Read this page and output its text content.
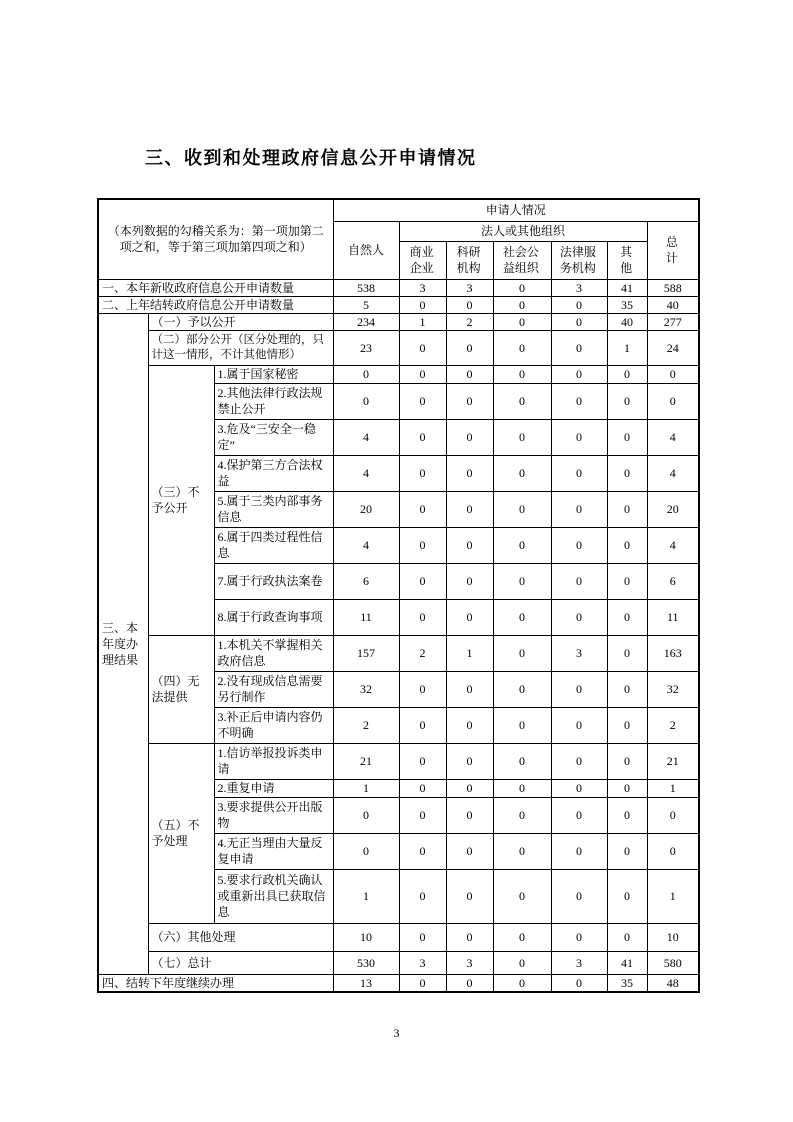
三、收到和处理政府信息公开申请情况
（本列数据的勾稽关系为：第一项加第二项之和，等于第三项加第四项之和）			申请人情况						
			自然人	法人或其他组织					总计
				商业企业	科研机构	社会公益组织	法律服务机构	其他	
一、本年新收政府信息公开申请数量			538	3	3	0	3	41	588
二、上年结转政府信息公开申请数量			5	0	0	0	0	35	40
三、本年度办理结果	（一）予以公开		234	1	2	0	0	40	277
	（二）部分公开（区分处理的，只计这一情形，不计其他情形）		23	0	0	0	0	1	24
	（三）不予公开	1.属于国家秘密	0	0	0	0	0	0	0
		2.其他法律行政法规禁止公开	0	0	0	0	0	0	0
		3.危及“三安全一稳定”	4	0	0	0	0	0	4
		4.保护第三方合法权益	4	0	0	0	0	0	4
		5.属于三类内部事务信息	20	0	0	0	0	0	20
		6.属于四类过程性信息	4	0	0	0	0	0	4
		7.属于行政执法案卷	6	0	0	0	0	0	6
		8.属于行政查询事项	11	0	0	0	0	0	11
	（四）无法提供	1.本机关不掌握相关政府信息	157	2	1	0	3	0	163
		2.没有现成信息需要另行制作	32	0	0	0	0	0	32
		3.补正后申请内容仍不明确	2	0	0	0	0	0	2
	（五）不予处理	1.信访举报投诉类申请	21	0	0	0	0	0	21
		2.重复申请	1	0	0	0	0	0	1
		3.要求提供公开出版物	0	0	0	0	0	0	0
		4.无正当理由大量反复申请	0	0	0	0	0	0	0
		5.要求行政机关确认或重新出具已获取信息	1	0	0	0	0	0	1
	（六）其他处理		10	0	0	0	0	0	10
	（七）总计		530	3	3	0	3	41	580
四、结转下年度继续办理			13	0	0	0	0	35	48
3
